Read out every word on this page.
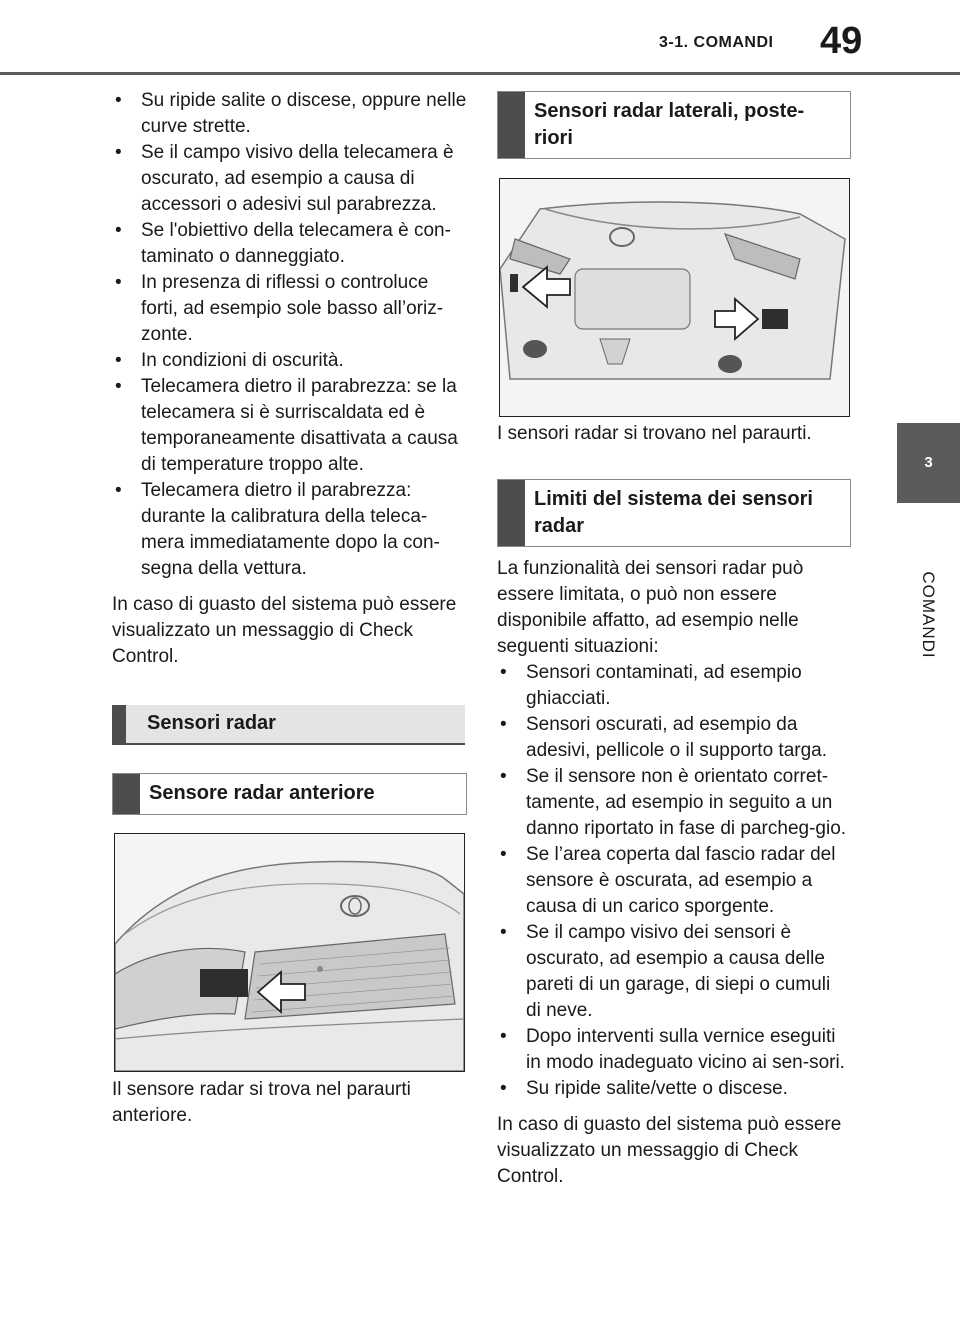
3-1. COMANDI 49
3
COMANDI
• Su ripide salite o discese, oppure nelle curve strette.
• Se il campo visivo della telecamera è oscurato, ad esempio a causa di accessori o adesivi sul parabrezza.
• Se l'obiettivo della telecamera è con-taminato o danneggiato.
• In presenza di riflessi o controluce forti, ad esempio sole basso all’oriz-zonte.
• In condizioni di oscurità.
• Telecamera dietro il parabrezza: se la telecamera si è surriscaldata ed è temporaneamente disattivata a causa di temperature troppo alte.
• Telecamera dietro il parabrezza: durante la calibratura della teleca-mera immediatamente dopo la con-segna della vettura.

In caso di guasto del sistema può essere visualizzato un messaggio di Check Control.

Sensori radar
Sensore radar anteriore
Il sensore radar si trova nel paraurti anteriore.
Sensori radar laterali, poste-riori
I sensori radar si trovano nel paraurti.
Limiti del sistema dei sensori radar

La funzionalità dei sensori radar può essere limitata, o può non essere disponibile affatto, ad esempio nelle seguenti situazioni:

• Sensori contaminati, ad esempio ghiacciati.
• Sensori oscurati, ad esempio da adesivi, pellicole o il supporto targa.
• Se il sensore non è orientato corret-tamente, ad esempio in seguito a un danno riportato in fase di parcheg-gio.
• Se l’area coperta dal fascio radar del sensore è oscurata, ad esempio a causa di un carico sporgente.
• Se il campo visivo dei sensori è oscurato, ad esempio a causa delle pareti di un garage, di siepi o cumuli di neve.
• Dopo interventi sulla vernice eseguiti in modo inadeguato vicino ai sen-sori.
• Su ripide salite/vette o discese.

In caso di guasto del sistema può essere visualizzato un messaggio di Check Control.
